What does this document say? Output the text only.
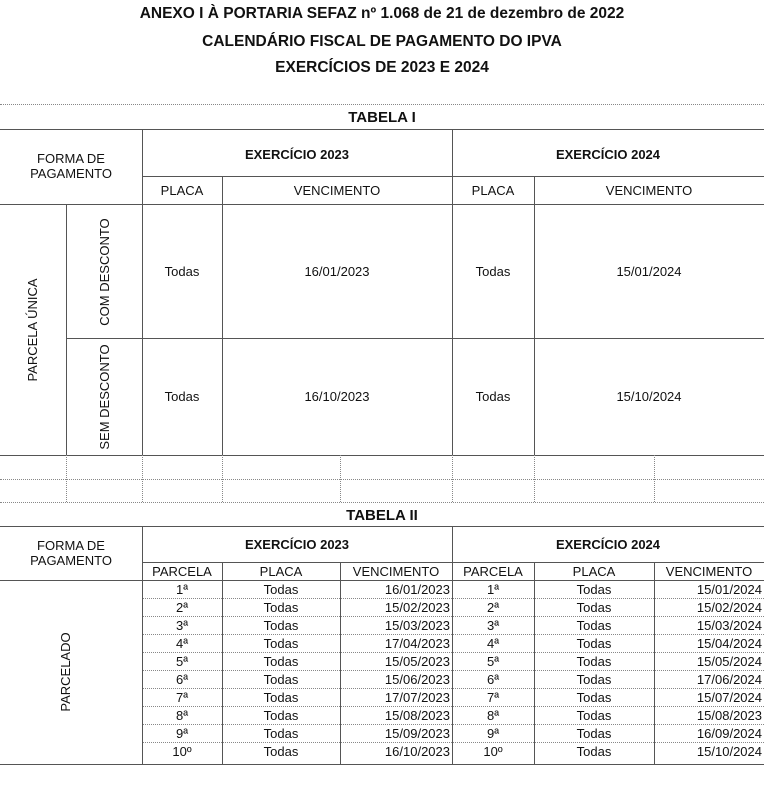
ANEXO I À PORTARIA SEFAZ nº 1.068 de 21 de dezembro de 2022
CALENDÁRIO FISCAL DE PAGAMENTO DO IPVA
EXERCÍCIOS DE 2023 E 2024
TABELA I
FORMA DE
PAGAMENTO
EXERCÍCIO 2023	EXERCÍCIO 2024
PLACA	VENCIMENTO	PLACA	VENCIMENTO
PARCELA ÚNICA
COM DESCONTO
SEM DESCONTO
Todas	16/01/2023	Todas	15/01/2024
Todas	16/10/2023	Todas	15/10/2024
TABELA II
FORMA DE
PAGAMENTO
EXERCÍCIO 2023	EXERCÍCIO 2024
PARCELA	PLACA	VENCIMENTO	PARCELA	PLACA	VENCIMENTO
PARCELADO
1ª	Todas	16/01/2023	1ª	Todas	15/01/2024
2ª	Todas	15/02/2023	2ª	Todas	15/02/2024
3ª	Todas	15/03/2023	3ª	Todas	15/03/2024
4ª	Todas	17/04/2023	4ª	Todas	15/04/2024
5ª	Todas	15/05/2023	5ª	Todas	15/05/2024
6ª	Todas	15/06/2023	6ª	Todas	17/06/2024
7ª	Todas	17/07/2023	7ª	Todas	15/07/2024
8ª	Todas	15/08/2023	8ª	Todas	15/08/2023
9ª	Todas	15/09/2023	9ª	Todas	16/09/2024
10º	Todas	16/10/2023	10º	Todas	15/10/2024
